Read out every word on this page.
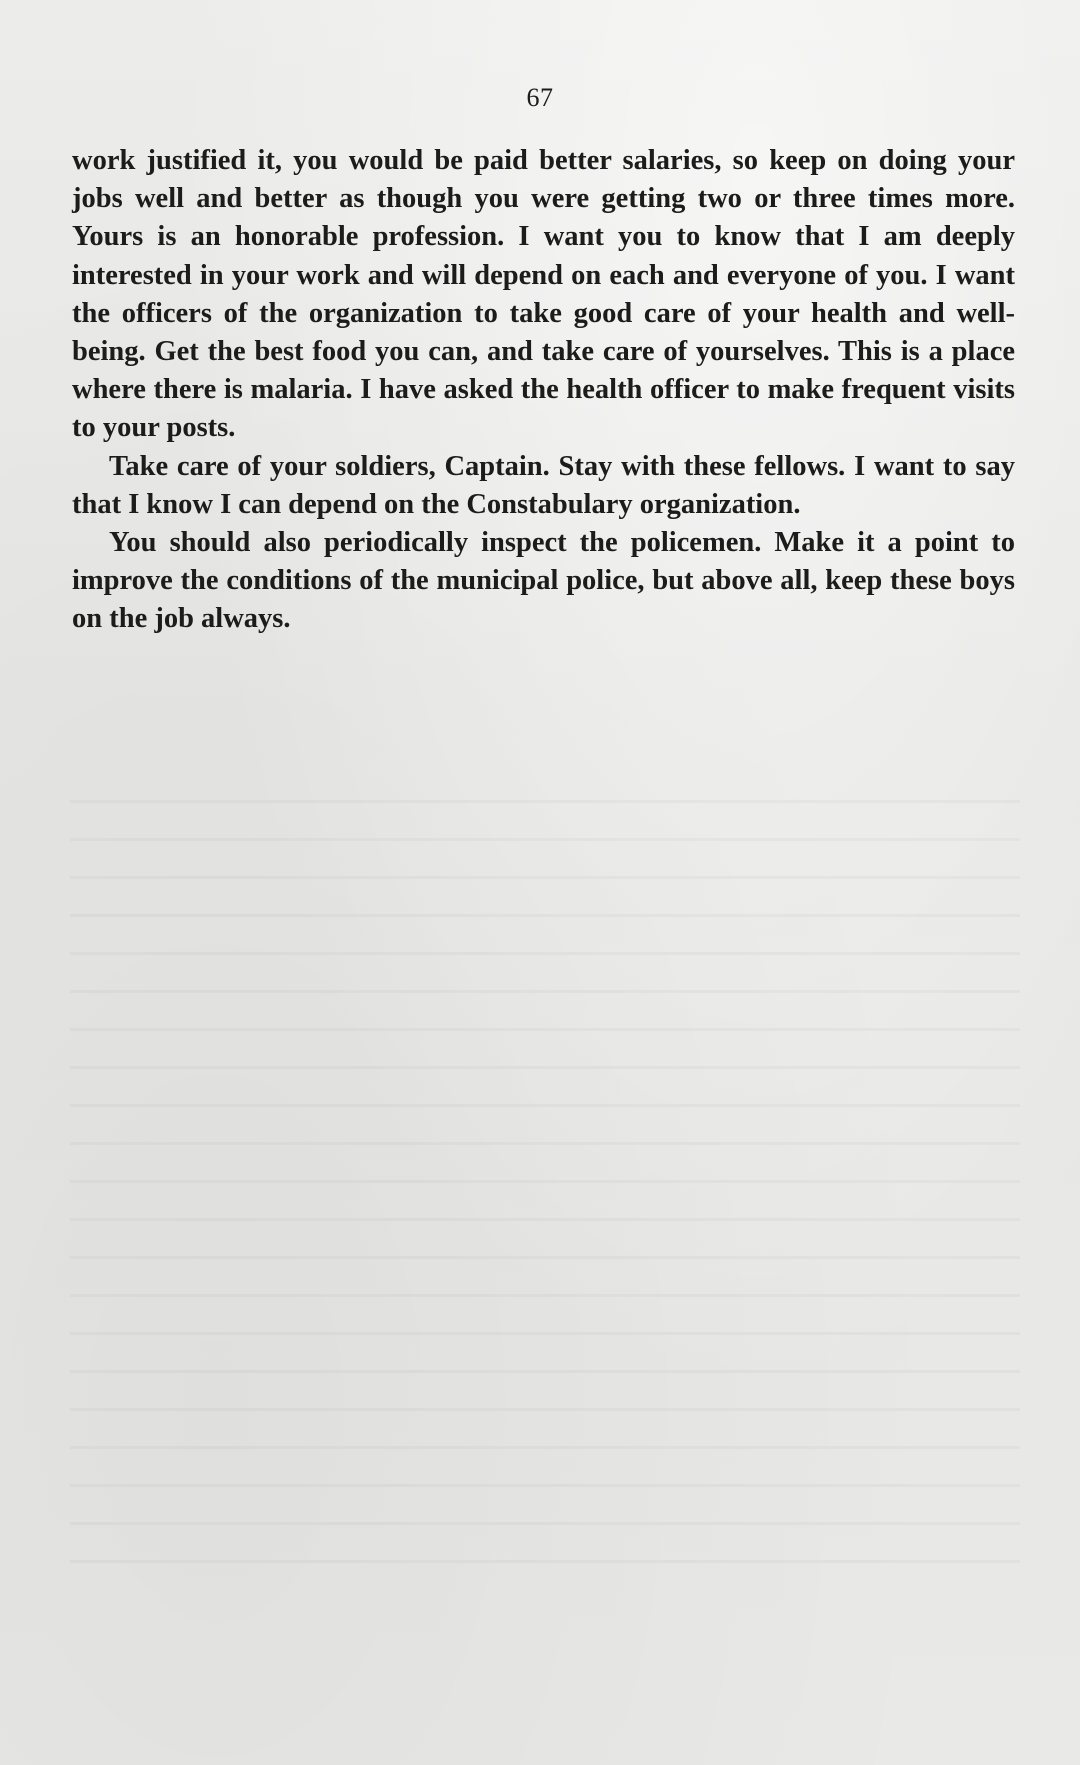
67

work justified it, you would be paid better salaries, so keep on doing your jobs well and better as though you were getting two or three times more. Yours is an honorable profession. I want you to know that I am deeply interested in your work and will depend on each and everyone of you. I want the officers of the organization to take good care of your health and well-being. Get the best food you can, and take care of yourselves. This is a place where there is malaria. I have asked the health officer to make frequent visits to your posts.

Take care of your soldiers, Captain. Stay with these fellows. I want to say that I know I can depend on the Constabulary organization.

You should also periodically inspect the policemen. Make it a point to improve the conditions of the municipal police, but above all, keep these boys on the job always.
